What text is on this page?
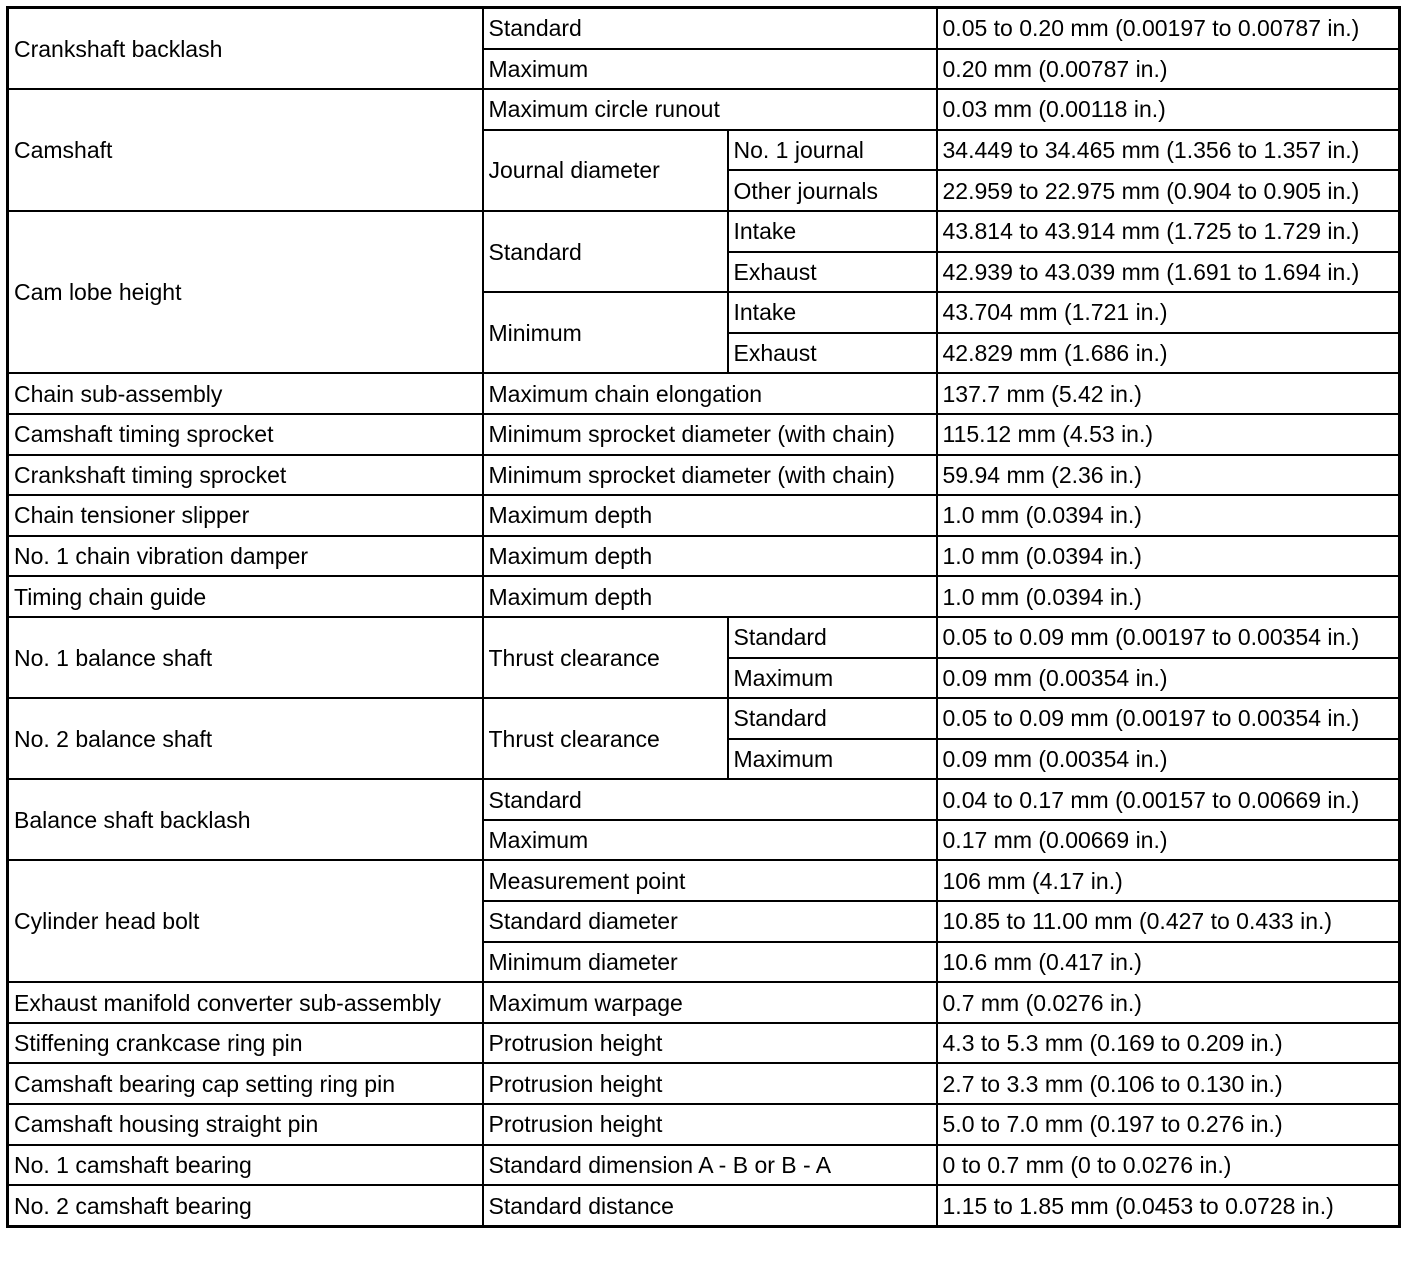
Crankshaft backlash	Standard		0.05 to 0.20 mm (0.00197 to 0.00787 in.)
	Maximum		0.20 mm (0.00787 in.)
Camshaft	Maximum circle runout		0.03 mm (0.00118 in.)
	Journal diameter	No. 1 journal	34.449 to 34.465 mm (1.356 to 1.357 in.)
		Other journals	22.959 to 22.975 mm (0.904 to 0.905 in.)
Cam lobe height	Standard	Intake	43.814 to 43.914 mm (1.725 to 1.729 in.)
		Exhaust	42.939 to 43.039 mm (1.691 to 1.694 in.)
	Minimum	Intake	43.704 mm (1.721 in.)
		Exhaust	42.829 mm (1.686 in.)
Chain sub-assembly	Maximum chain elongation		137.7 mm (5.42 in.)
Camshaft timing sprocket	Minimum sprocket diameter (with chain)		115.12 mm (4.53 in.)
Crankshaft timing sprocket	Minimum sprocket diameter (with chain)		59.94 mm (2.36 in.)
Chain tensioner slipper	Maximum depth		1.0 mm (0.0394 in.)
No. 1 chain vibration damper	Maximum depth		1.0 mm (0.0394 in.)
Timing chain guide	Maximum depth		1.0 mm (0.0394 in.)
No. 1 balance shaft	Thrust clearance	Standard	0.05 to 0.09 mm (0.00197 to 0.00354 in.)
		Maximum	0.09 mm (0.00354 in.)
No. 2 balance shaft	Thrust clearance	Standard	0.05 to 0.09 mm (0.00197 to 0.00354 in.)
		Maximum	0.09 mm (0.00354 in.)
Balance shaft backlash	Standard		0.04 to 0.17 mm (0.00157 to 0.00669 in.)
	Maximum		0.17 mm (0.00669 in.)
Cylinder head bolt	Measurement point		106 mm (4.17 in.)
	Standard diameter		10.85 to 11.00 mm (0.427 to 0.433 in.)
	Minimum diameter		10.6 mm (0.417 in.)
Exhaust manifold converter sub-assembly	Maximum warpage		0.7 mm (0.0276 in.)
Stiffening crankcase ring pin	Protrusion height		4.3 to 5.3 mm (0.169 to 0.209 in.)
Camshaft bearing cap setting ring pin	Protrusion height		2.7 to 3.3 mm (0.106 to 0.130 in.)
Camshaft housing straight pin	Protrusion height		5.0 to 7.0 mm (0.197 to 0.276 in.)
No. 1 camshaft bearing	Standard dimension A - B or B - A		0 to 0.7 mm (0 to 0.0276 in.)
No. 2 camshaft bearing	Standard distance		1.15 to 1.85 mm (0.0453 to 0.0728 in.)
